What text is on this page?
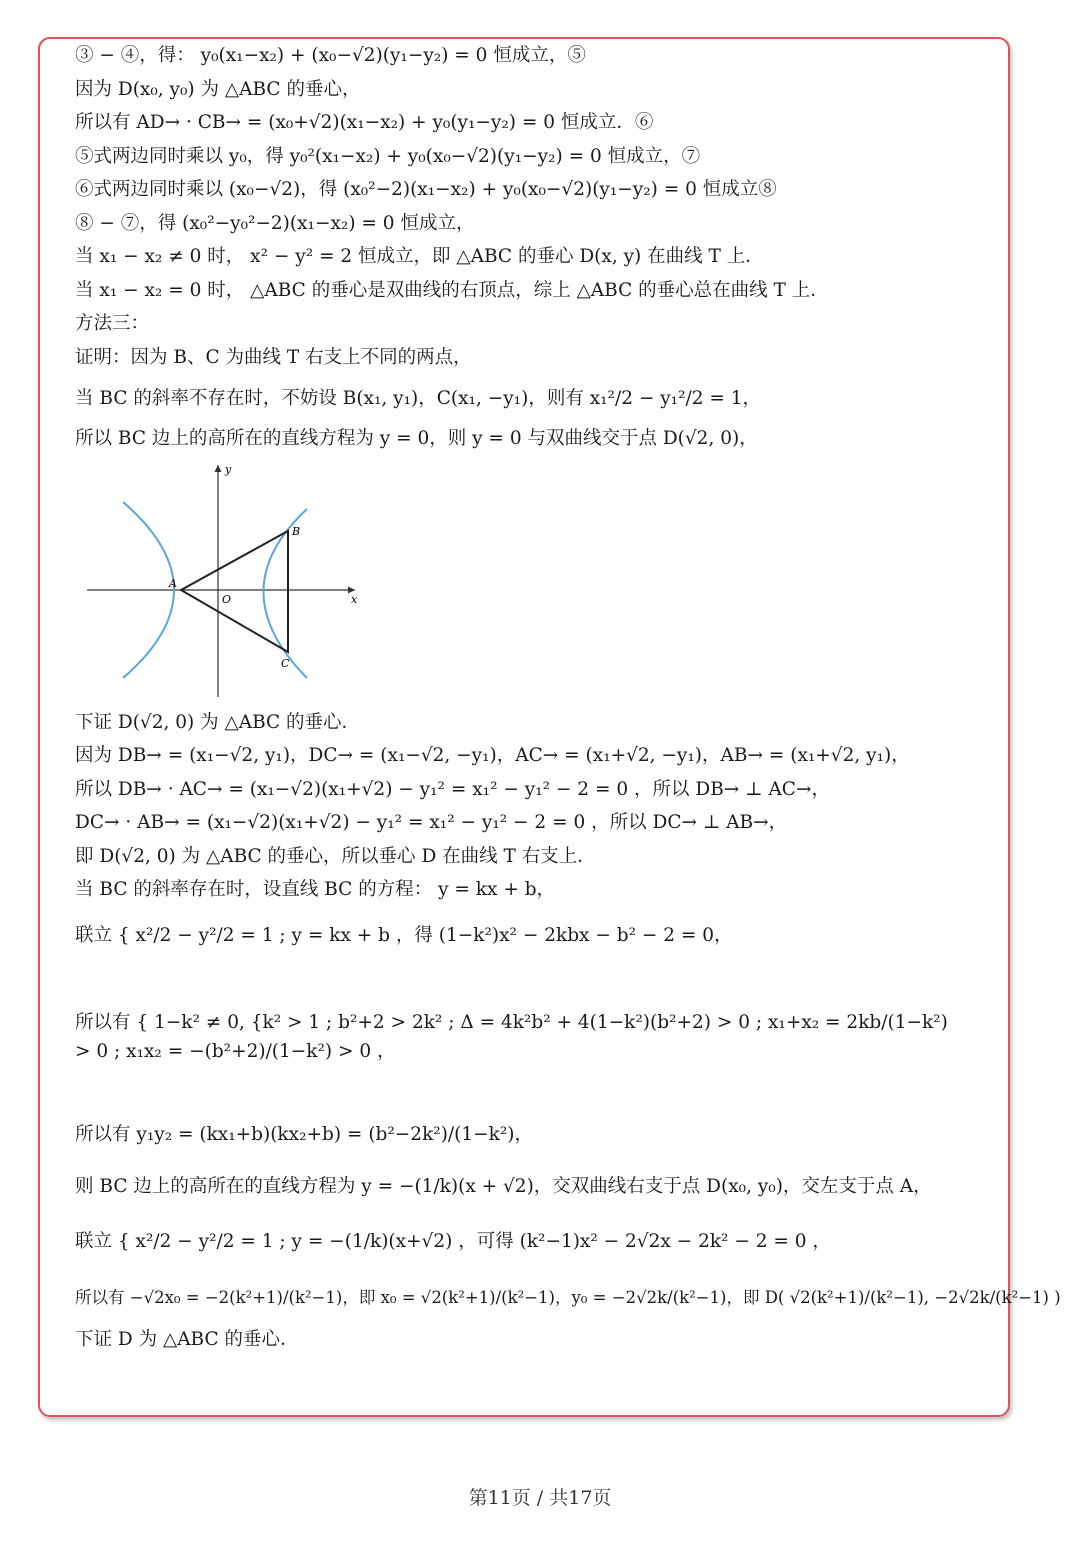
③ − ④，得： y₀(x₁−x₂) + (x₀−√2)(y₁−y₂) = 0 恒成立，⑤
因为 D(x₀, y₀) 为 △ABC 的垂心，
所以有 AD→ · CB→ = (x₀+√2)(x₁−x₂) + y₀(y₁−y₂) = 0 恒成立．⑥
⑤式两边同时乘以 y₀，得 y₀²(x₁−x₂) + y₀(x₀−√2)(y₁−y₂) = 0 恒成立，⑦
⑥式两边同时乘以 (x₀−√2)，得 (x₀²−2)(x₁−x₂) + y₀(x₀−√2)(y₁−y₂) = 0 恒成立⑧
⑧ − ⑦，得 (x₀²−y₀²−2)(x₁−x₂) = 0 恒成立，
当 x₁ − x₂ ≠ 0 时， x² − y² = 2 恒成立，即 △ABC 的垂心 D(x, y) 在曲线 T 上．
当 x₁ − x₂ = 0 时， △ABC 的垂心是双曲线的右顶点，综上 △ABC 的垂心总在曲线 T 上．
方法三：
证明：因为 B、C 为曲线 T 右支上不同的两点，
当 BC 的斜率不存在时，不妨设 B(x₁, y₁)，C(x₁, −y₁)，则有 x₁²/2 − y₁²/2 = 1，
所以 BC 边上的高所在的直线方程为 y = 0，则 y = 0 与双曲线交于点 D(√2, 0)，
y
x
O
A
B
C
下证 D(√2, 0) 为 △ABC 的垂心．
因为 DB→ = (x₁−√2, y₁)，DC→ = (x₁−√2, −y₁)，AC→ = (x₁+√2, −y₁)，AB→ = (x₁+√2, y₁)，
所以 DB→ · AC→ = (x₁−√2)(x₁+√2) − y₁² = x₁² − y₁² − 2 = 0 ，所以 DB→ ⊥ AC→，
DC→ · AB→ = (x₁−√2)(x₁+√2) − y₁² = x₁² − y₁² − 2 = 0 ，所以 DC→ ⊥ AB→，
即 D(√2, 0) 为 △ABC 的垂心，所以垂心 D 在曲线 T 右支上．
当 BC 的斜率存在时，设直线 BC 的方程： y = kx + b，
联立 { x²/2 − y²/2 = 1 ; y = kx + b ，得 (1−k²)x² − 2kbx − b² − 2 = 0，
所以有 { 1−k² ≠ 0, {k² > 1 ; b²+2 > 2k² ; Δ = 4k²b² + 4(1−k²)(b²+2) > 0 ; x₁+x₂ = 2kb/(1−k²) > 0 ; x₁x₂ = −(b²+2)/(1−k²) > 0 ，
所以有 y₁y₂ = (kx₁+b)(kx₂+b) = (b²−2k²)/(1−k²)，
则 BC 边上的高所在的直线方程为 y = −(1/k)(x + √2)，交双曲线右支于点 D(x₀, y₀)，交左支于点 A，
联立 { x²/2 − y²/2 = 1 ; y = −(1/k)(x+√2) ，可得 (k²−1)x² − 2√2x − 2k² − 2 = 0 ，
所以有 −√2x₀ = −2(k²+1)/(k²−1)，即 x₀ = √2(k²+1)/(k²−1)，y₀ = −2√2k/(k²−1)，即 D( √2(k²+1)/(k²−1), −2√2k/(k²−1) )
下证 D 为 △ABC 的垂心．
第11页 / 共17页
